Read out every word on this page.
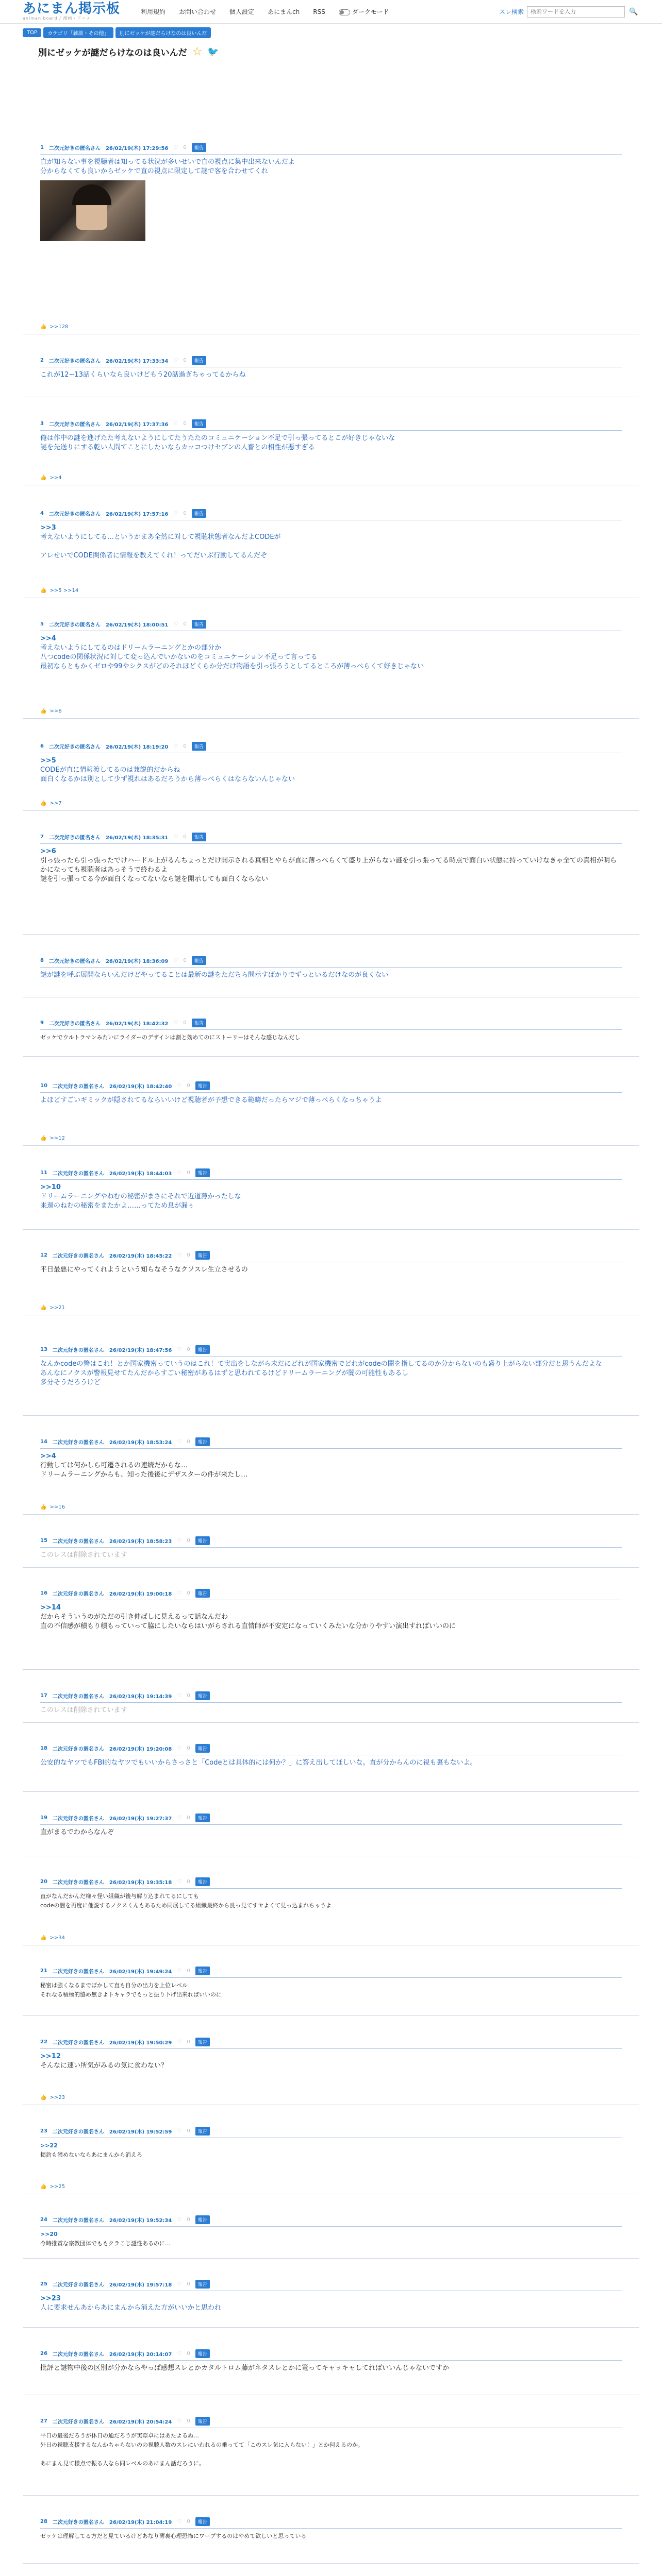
あにまん掲示板
animan board / 漫画・アニメ
利用規約 お問い合わせ 個人設定 あにまんch RSS	ダークモード	スレ検索
検索ワードを入力	🔍
TOP	カテゴリ「雑談・その他」	別にゼッケが謎だらけなのは良いんだ
別にゼッケが謎だらけなのは良いんだ ☆ 🐦
1 二次元好きの匿名さん 26/02/19(木) 17:29:56 ♡ 0	報告
直が知らない事を視聴者は知ってる状況が多いせいで直の視点に集中出来ないんだよ
分からなくても良いからゼッケで直の視点に限定して謎で客を合わせてくれ
👍 >>128
2 二次元好きの匿名さん 26/02/19(木) 17:33:34 ♡ 0	報告
これが12~13話くらいなら良いけどもう20話過ぎちゃってるからね
3 二次元好きの匿名さん 26/02/19(木) 17:37:36 ♡ 0	報告
俺は作中の謎を進げたた考えないようにしてたうたたのコミュニケーション不足で引っ張ってるとこが好きじゃないな
謎を先送りにする乾い人間てことにしたいならカッコつけセブンの人畜との相性が悪すぎる
👍 >>4
4 二次元好きの匿名さん 26/02/19(木) 17:57:16 ♡ 0	報告
>>3
考えないようにしてる…というかまあ全然に対して視聴状態者なんだよCODEが
アレせいでCODE関係者に情報を教えてくれ！ってだいぶ行動してるんだぞ
👍 >>5 >>14
5 二次元好きの匿名さん 26/02/19(木) 18:00:51 ♡ 0	報告
>>4
考えないようにしてるのはドリームラーニングとかの部分か
八つcodeの関係状況に対して変っ込んでいかないのをコミュニケーション不足って言ってる
最初ならともかくゼロや99やシクスがどのそれほどくらか分だけ物語を引っ張ろうとしてるところが薄っぺらくて好きじゃない
👍 >>6
6 二次元好きの匿名さん 26/02/19(木) 18:19:20 ♡ 0	報告
>>5
CODEが直に情報渡してるのは兼説的だからね
面白くなるかは別として少ず視れはあるだろうから薄っぺらくはならないんじゃない
👍 >>7
7 二次元好きの匿名さん 26/02/19(木) 18:35:31 ♡ 0	報告
>>6
引っ張ったら引っ張ったでけハードル上がるんちょっとだけ開示される真相とやらが直に薄っぺらくて盛り上がらない謎を引っ張ってる時点で面白い状態に持っていけなきゃ全ての真相が明らかになっても視聴者はあっそうで終わるよ
謎を引っ張ってる今が面白くなってないなら謎を開示しても面白くならない
8 二次元好きの匿名さん 26/02/19(木) 18:36:09 ♡ 0	報告
謎が謎を呼ぶ展開ならいんだけどやってることは最新の謎をただちら問示すばかりでずっといるだけなのが良くない
9 二次元好きの匿名さん 26/02/19(木) 18:42:32 ♡ 0	報告
ゼッケでウルトラマンみたいにライダーのデザインは割と効めてのにストーリーはそんな感じなんだし
10 二次元好きの匿名さん 26/02/19(木) 18:42:40 ♡ 0	報告
よほどすごいギミックが隠されてるならいいけど視聴者が予想できる範疇だったらマジで薄っぺらくなっちゃうよ
👍 >>12
11 二次元好きの匿名さん 26/02/19(木) 18:44:03 ♡ 0	報告
>>10
ドリームラーニングやねむの秘密がまさにそれで近道薄かったしな
来週のねむの秘密をまたかよ……ってため息が漏ぅ
12 二次元好きの匿名さん 26/02/19(木) 18:45:22 ♡ 0	報告
平日最悪にやってくれようという知らなそうなクソスレ生立させるの
👍 >>21
13 二次元好きの匿名さん 26/02/19(木) 18:47:56 ♡ 0	報告
なんかcodeの警はこれ！とか国家機密っていうのはこれ！て実出をしながら未だにどれが国家機密でどれがcodeの闇を指してるのか分からないのも盛り上がらない部分だと思うんだよな
あんなにノクスが警報見せてたんだからすごい秘密があるはずと思われてるけどドリームラーニングが闇の可能性もあるし
多分そうだろうけど
14 二次元好きの匿名さん 26/02/19(木) 18:53:24 ♡ 0	報告
>>4
行動しては何かしら可遷されるの連続だからな…
ドリームラーニングからも、知った後後にデザスターの件が来たし…
👍 >>16
15 二次元好きの匿名さん 26/02/19(木) 18:58:23 ♡ 0	報告
このレスは削除されています
16 二次元好きの匿名さん 26/02/19(木) 19:00:18 ♡ 0	報告
>>14
だからそういうのがただの引き伸ばしに見えるって話なんだわ
直の不信感が積もり積もっていって脇にしたいならはいがらされる直情師が不安定になっていくみたいな分かりやすい演出すればいいのに
17 二次元好きの匿名さん 26/02/19(木) 19:14:39 ♡ 0	報告
このレスは削除されています
18 二次元好きの匿名さん 26/02/19(木) 19:20:08 ♡ 0	報告
公安的なヤツでもFBI的なヤツでもいいからさっさと「Codeとは具体的には何か？」に答え出してほしいな。直が分からんのに視も裏もないよ。
19 二次元好きの匿名さん 26/02/19(木) 19:27:37 ♡ 0	報告
直がまるでわからなんぞ
20 二次元好きの匿名さん 26/02/19(木) 19:35:18 ♡ 0	報告
直がなんだかんだ様々怪い組織が後与解り込まれてるにしても
codeの闇を再度に他説するノクスくんもあるため同展してる組織最終から良っ見てすヤよくて見っ込まれちゃうよ
👍 >>34
21 二次元好きの匿名さん 26/02/19(木) 19:49:24 ♡ 0	報告
秘密は強くなるまでぼかして直も自分の出力を上位レベル
それなる積極的協め無きよトキャラでもっと振り下げ出来ればいいのに
22 二次元好きの匿名さん 26/02/19(木) 19:50:29 ♡ 0	報告
>>12
そんなに速い所気がみるの気に食わない？
👍 >>23
23 二次元好きの匿名さん 26/02/19(木) 19:52:59 ♡ 0	報告
>>22
掲釣も諦めないならあにまんから消えろ
👍 >>25
24 二次元好きの匿名さん 26/02/19(木) 19:52:34 ♡ 0	報告
>>20
今時推賞な宗教団体でももクラこじ謎性あるのに…
25 二次元好きの匿名さん 26/02/19(木) 19:57:18 ♡ 0	報告
>>23
人に要求せんあからあにまんから消えた方がいいかと思われ
26 二次元好きの匿名さん 26/02/19(木) 20:14:07 ♡ 0	報告
批評と謎物中後の区別が分かならやっぱ感想スレとかカタルトロム藤がネタスレとかに篭ってキャッキャしてればいいんじゃないですか
27 二次元好きの匿名さん 26/02/19(木) 20:54:24 ♡ 0	報告
平日の最後だろうが休日の通だろうが実際卓にはあたよるぬ…
外日の視聴支援するなんかちゃらないのの視聴人数のスレにいわれるの乗ってて「このスレ気に入らない！」とか何えるのか。
あにまん見て様点で振る人なら同レベルのあにまん話だろうに。
28 二次元好きの匿名さん 26/02/19(木) 21:04:19 ♡ 0	報告
ゼッケは理解してる方だと見ているけどあなり薄裏心理恐怖にワープするのはやめて欲しいと思っている
